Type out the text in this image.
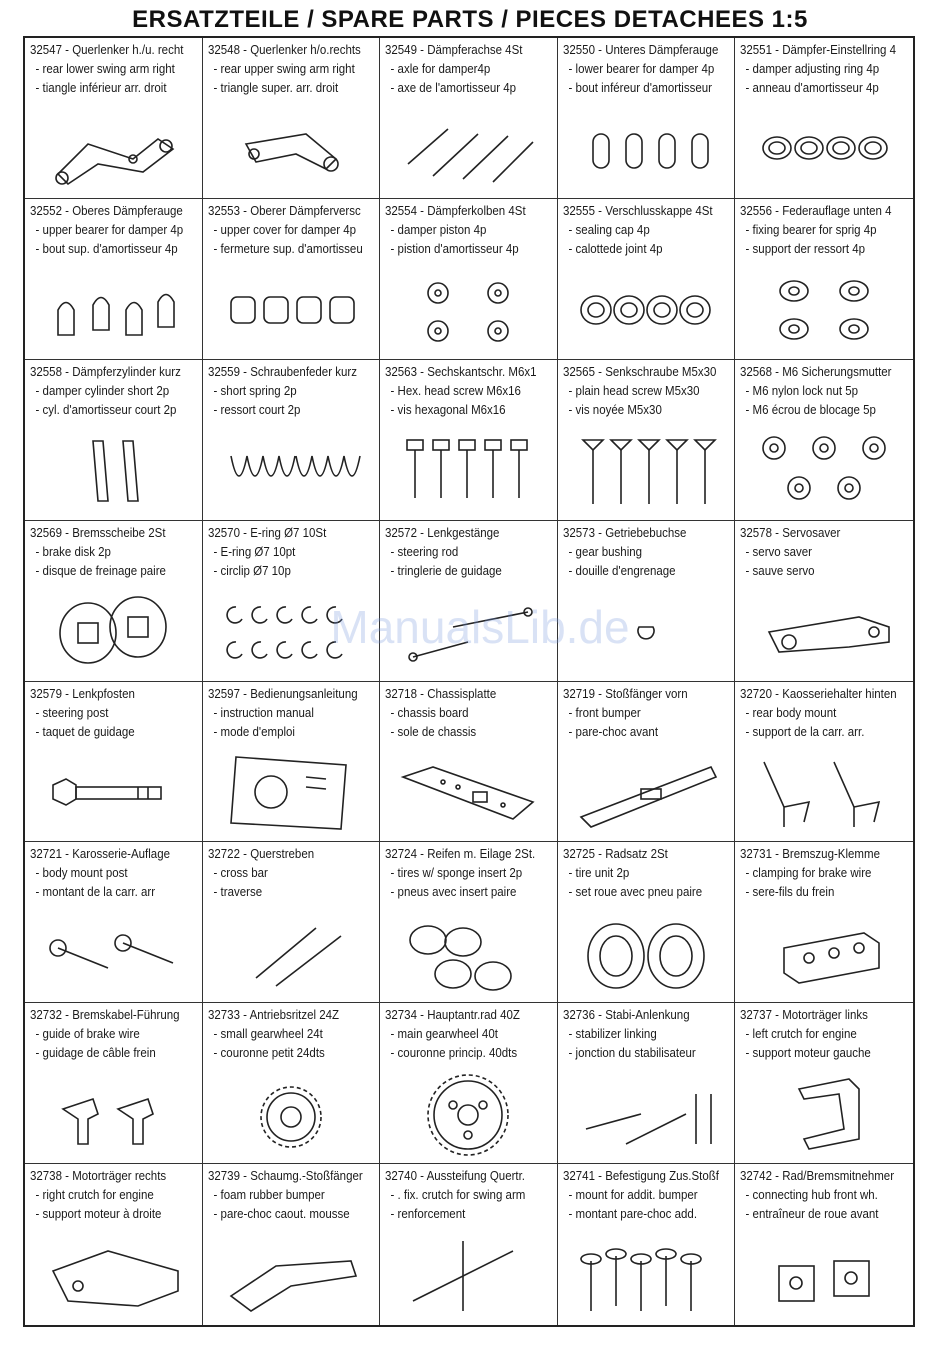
ERSATZTEILE / SPARE PARTS / PIECES DETACHEES 1:5
32547 - Querlenker h./u. recht
- rear lower swing arm right
- tiangle inférieur arr. droit
32548 - Querlenker h/o.rechts
- rear upper swing arm right
- triangle super. arr. droit
32549 - Dämpferachse 4St
- axle for damper4p
- axe de l'amortisseur 4p
32550 - Unteres Dämpferauge
- lower bearer for damper 4p
- bout inféreur d'amortisseur
32551 - Dämpfer-Einstellring 4
- damper adjusting ring 4p
- anneau d'amortisseur 4p
32552 - Oberes Dämpferauge
- upper bearer for damper 4p
- bout sup. d'amortisseur 4p
32553 - Oberer Dämpferversc
- upper cover for damper 4p
- fermeture sup. d'amortisseu
32554 - Dämpferkolben 4St
- damper piston 4p
- pistion d'amortisseur 4p
32555 - Verschlusskappe 4St
- sealing cap 4p
- calottede joint 4p
32556 - Federauflage unten 4
- fixing bearer for sprig 4p
- support der ressort 4p
32558 - Dämpferzylinder kurz
- damper cylinder short 2p
- cyl. d'amortisseur court 2p
32559 - Schraubenfeder kurz
- short spring 2p
- ressort court 2p
32563 - Sechskantschr. M6x1
- Hex. head screw M6x16
- vis hexagonal M6x16
32565 - Senkschraube M5x30
- plain head screw M5x30
- vis noyée M5x30
32568 - M6 Sicherungsmutter
- M6 nylon lock nut 5p
- M6 écrou de blocage 5p
32569 - Bremsscheibe 2St
- brake disk 2p
- disque de freinage paire
32570 - E-ring Ø7 10St
- E-ring Ø7 10pt
- circlip Ø7 10p
32572 - Lenkgestänge
- steering rod
- tringlerie de guidage
32573 - Getriebebuchse
- gear bushing
- douille d'engrenage
32578 - Servosaver
- servo saver
- sauve servo
32579 - Lenkpfosten
- steering post
- taquet de guidage
32597 - Bedienungsanleitung
- instruction manual
- mode d'emploi
32718 - Chassisplatte
- chassis board
- sole de chassis
32719 - Stoßfänger vorn
- front bumper
- pare-choc avant
32720 - Kaosseriehalter hinten
- rear body mount
- support de la carr. arr.
32721 - Karosserie-Auflage
- body mount post
- montant de la carr. arr
32722 - Querstreben
- cross bar
- traverse
32724 - Reifen m. Eilage 2St.
- tires w/ sponge insert 2p
- pneus avec insert paire
32725 - Radsatz 2St
- tire unit 2p
- set roue avec pneu paire
32731 - Bremszug-Klemme
- clamping for brake wire
- sere-fils du frein
32732 - Bremskabel-Führung
- guide of brake wire
- guidage de câble frein
32733 - Antriebsritzel 24Z
- small gearwheel 24t
- couronne petit 24dts
32734 - Hauptantr.rad 40Z
- main gearwheel 40t
- couronne princip. 40dts
32736 - Stabi-Anlenkung
- stabilizer linking
- jonction du stabilisateur
32737 - Motorträger links
- left crutch for engine
- support moteur gauche
32738 - Motorträger rechts
- right crutch for engine
- support moteur à droite
32739 - Schaumg.-Stoßfänger
- foam rubber bumper
- pare-choc caout. mousse
32740 - Aussteifung Quertr.
- . fix. crutch for swing arm
- renforcement
32741 - Befestigung Zus.Stoßf
- mount for addit. bumper
- montant pare-choc add.
32742 - Rad/Bremsmitnehmer
- connecting hub front wh.
- entraîneur de roue avant
ManualsLib.de
